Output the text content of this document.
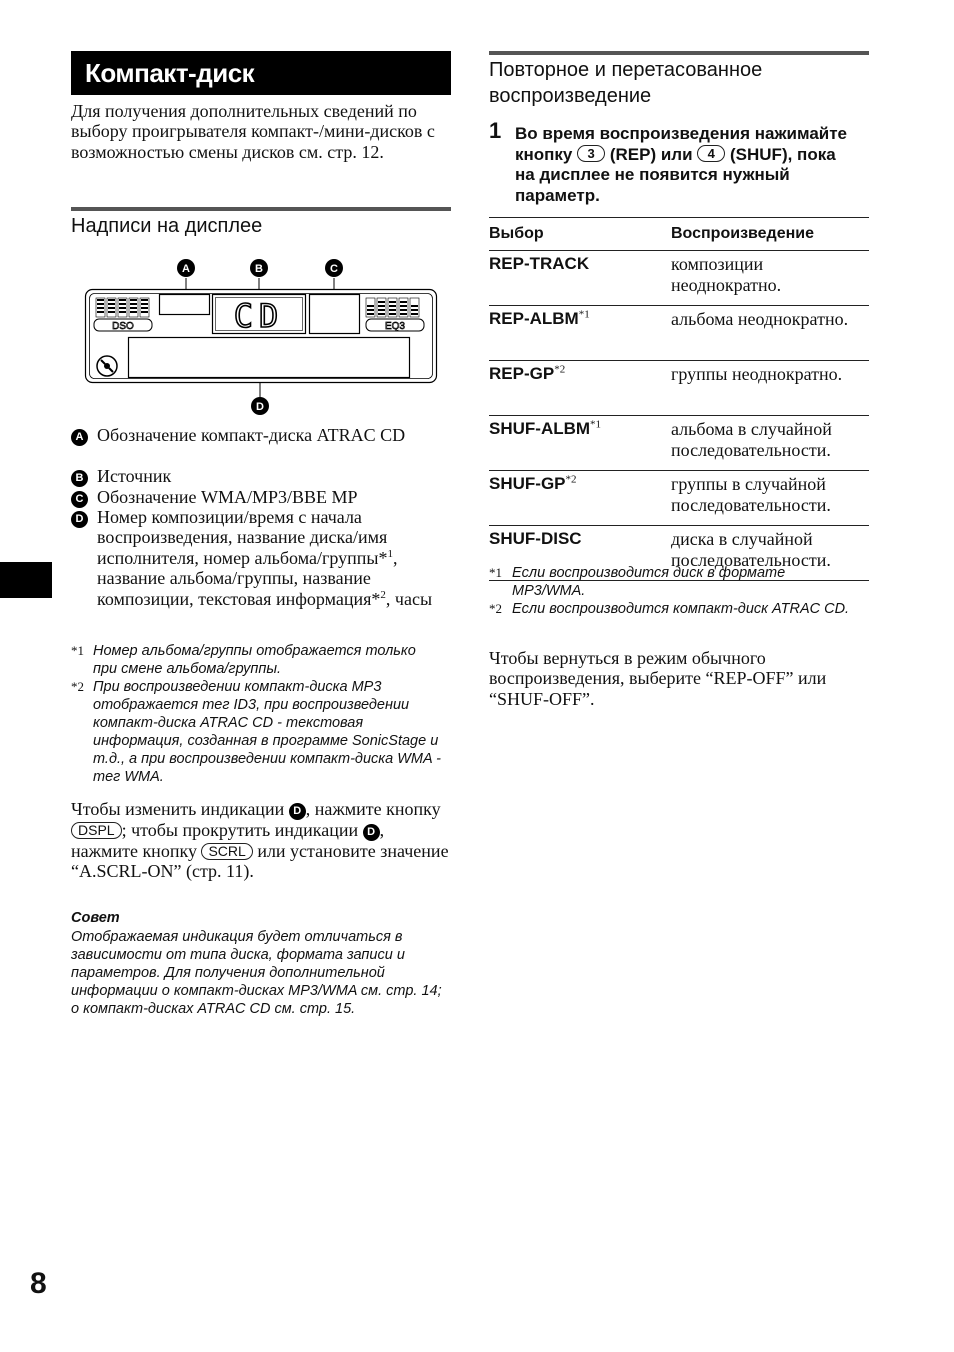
Компакт-диск
Для получения дополнительных сведений по выбору проигрывателя компакт-/мини-дисков с возможностью смены дисков см. стр. 12.
Надписи на дисплее
A	B	C
D
DSO	CD	EQ3
A Обозначение компакт-диска ATRAC CD
B Источник
C Обозначение WMA/MP3/BBE MP
D Номер композиции/время с начала воспроизведения, название диска/имя исполнителя, номер альбома/группы*$^1$, название альбома/группы, название композиции, текстовая информация*$^2$, часы
*1 Номер альбома/группы отображается только при смене альбома/группы.
*2 При воспроизведении компакт-диска MP3 отображается тег ID3, при воспроизведении компакт-диска ATRAC CD - текстовая информация, созданная в программе SonicStage и т.д., а при воспроизведении компакт-диска WMA - тег WMA.
Чтобы изменить индикации D , нажмите кнопку DSPL ; чтобы прокрутить индикации D , нажмите кнопку SCRL или установите значение “A.SCRL-ON” (стр. 11).
Совет
Отображаемая индикация будет отличаться в зависимости от типа диска, формата записи и параметров. Для получения дополнительной информации о компакт-дисках MP3/WMA см. стр. 14; о компакт-дисках ATRAC CD см. стр. 15.
8
Повторное и перетасованное воспроизведение
1 Во время воспроизведения нажимайте кнопку 3 (REP) или 4 (SHUF), пока на дисплее не появится нужный параметр.
Выбор	Воспроизведение
REP-TRACK	композиции неоднократно.
REP-ALBM$^{*1}$	альбома неоднократно.
REP-GP$^{*2}$	группы неоднократно.
SHUF-ALBM$^{*1}$	альбома в случайной последовательности.
SHUF-GP$^{*2}$	группы в случайной последовательности.
SHUF-DISC	диска в случайной последовательности.
*1 Если воспроизводится диск в формате MP3/WMA.
*2 Если воспроизводится компакт-диск ATRAC CD.
Чтобы вернуться в режим обычного воспроизведения, выберите “REP-OFF” или “SHUF-OFF”.
